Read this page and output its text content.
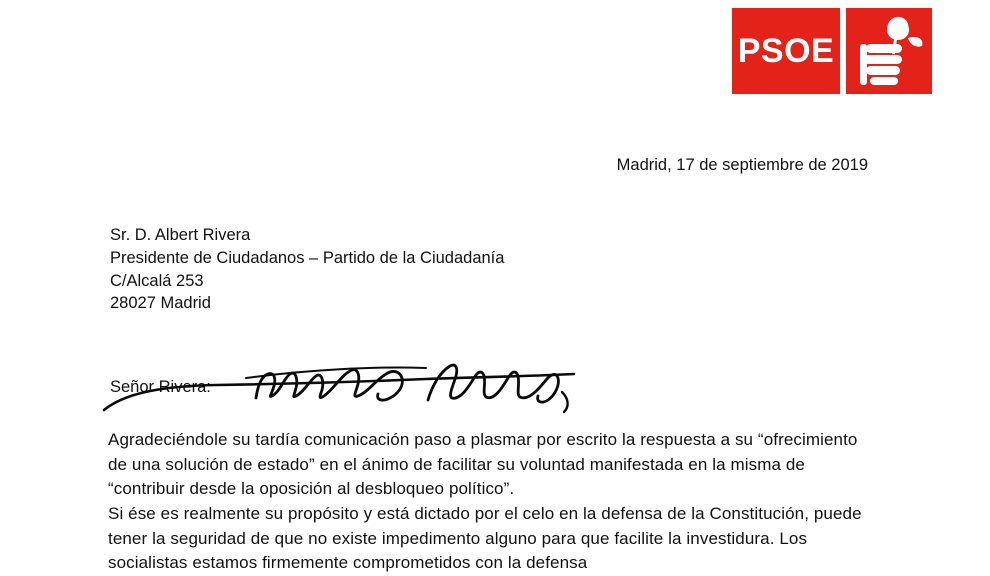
PSOE
Madrid, 17 de septiembre de 2019
Sr. D. Albert Rivera
Presidente de Ciudadanos – Partido de la Ciudadanía
C/Alcalá 253
28027 Madrid
Señor Rivera:

Agradeciéndole su tardía comunicación paso a plasmar por escrito la respuesta a su “ofrecimiento de una solución de estado” en el ánimo de facilitar su voluntad manifestada en la misma de “contribuir desde la oposición al desbloqueo político”.

Si ése es realmente su propósito y está dictado por el celo en la defensa de la Constitución, puede tener la seguridad de que no existe impedimento alguno para que facilite la investidura. Los socialistas estamos firmemente comprometidos con la defensa
